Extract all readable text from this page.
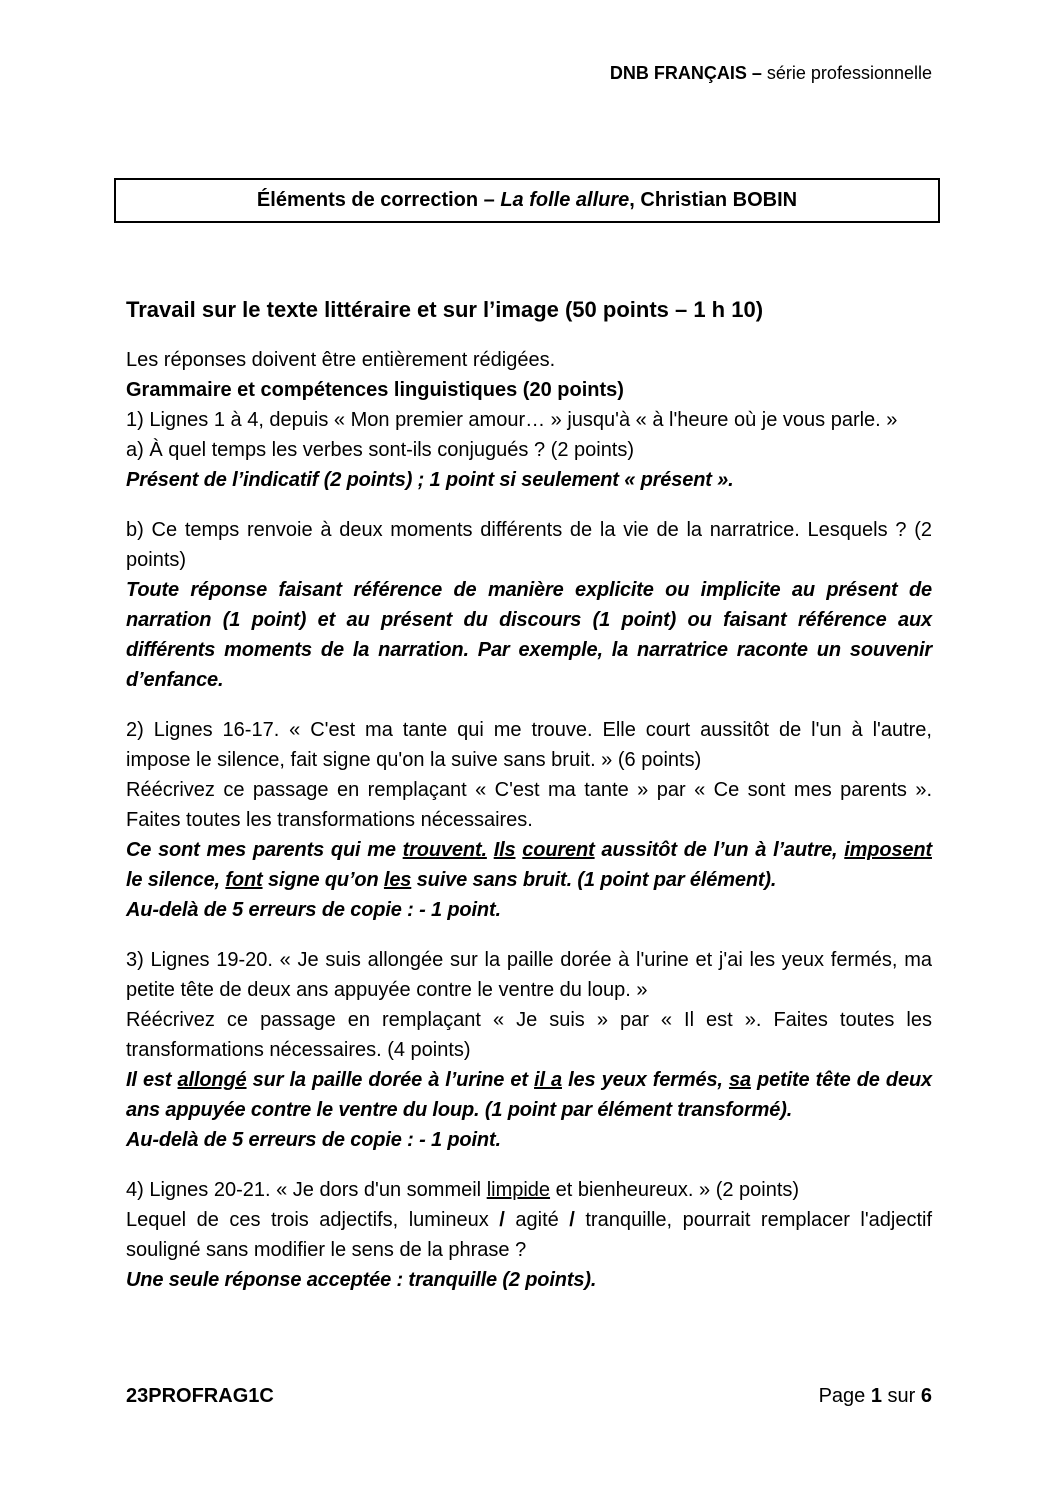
DNB FRANÇAIS – série professionnelle
Éléments de correction – La folle allure, Christian BOBIN

Travail sur le texte littéraire et sur l’image (50 points – 1 h 10)

Les réponses doivent être entièrement rédigées.

Grammaire et compétences linguistiques (20 points)

1) Lignes 1 à 4, depuis « Mon premier amour… » jusqu'à « à l'heure où je vous parle. »

a) À quel temps les verbes sont-ils conjugués ? (2 points)

Présent de l’indicatif (2 points) ; 1 point si seulement « présent ».

b) Ce temps renvoie à deux moments différents de la vie de la narratrice. Lesquels ? (2 points)

Toute réponse faisant référence de manière explicite ou implicite au présent de narration (1 point) et au présent du discours (1 point) ou faisant référence aux différents moments de la narration. Par exemple, la narratrice raconte un souvenir d’enfance.

2) Lignes 16-17. « C'est ma tante qui me trouve. Elle court aussitôt de l'un à l'autre, impose le silence, fait signe qu'on la suive sans bruit. » (6 points)

Réécrivez ce passage en remplaçant « C'est ma tante » par « Ce sont mes parents ». Faites toutes les transformations nécessaires.

Ce sont mes parents qui me trouvent. Ils courent aussitôt de l’un à l’autre, imposent le silence, font signe qu’on les suive sans bruit. (1 point par élément).

Au-delà de 5 erreurs de copie : - 1 point.

3) Lignes 19-20. « Je suis allongée sur la paille dorée à l'urine et j'ai les yeux fermés, ma petite tête de deux ans appuyée contre le ventre du loup. »

Réécrivez ce passage en remplaçant « Je suis » par « Il est ». Faites toutes les transformations nécessaires. (4 points)

Il est allongé sur la paille dorée à l’urine et il a les yeux fermés, sa petite tête de deux ans appuyée contre le ventre du loup. (1 point par élément transformé).

Au-delà de 5 erreurs de copie : - 1 point.

4) Lignes 20-21. « Je dors d'un sommeil limpide et bienheureux. » (2 points)

Lequel de ces trois adjectifs, lumineux / agité / tranquille, pourrait remplacer l'adjectif souligné sans modifier le sens de la phrase ?

Une seule réponse acceptée : tranquille (2 points).

23PROFRAG1C	Page 1 sur 6
